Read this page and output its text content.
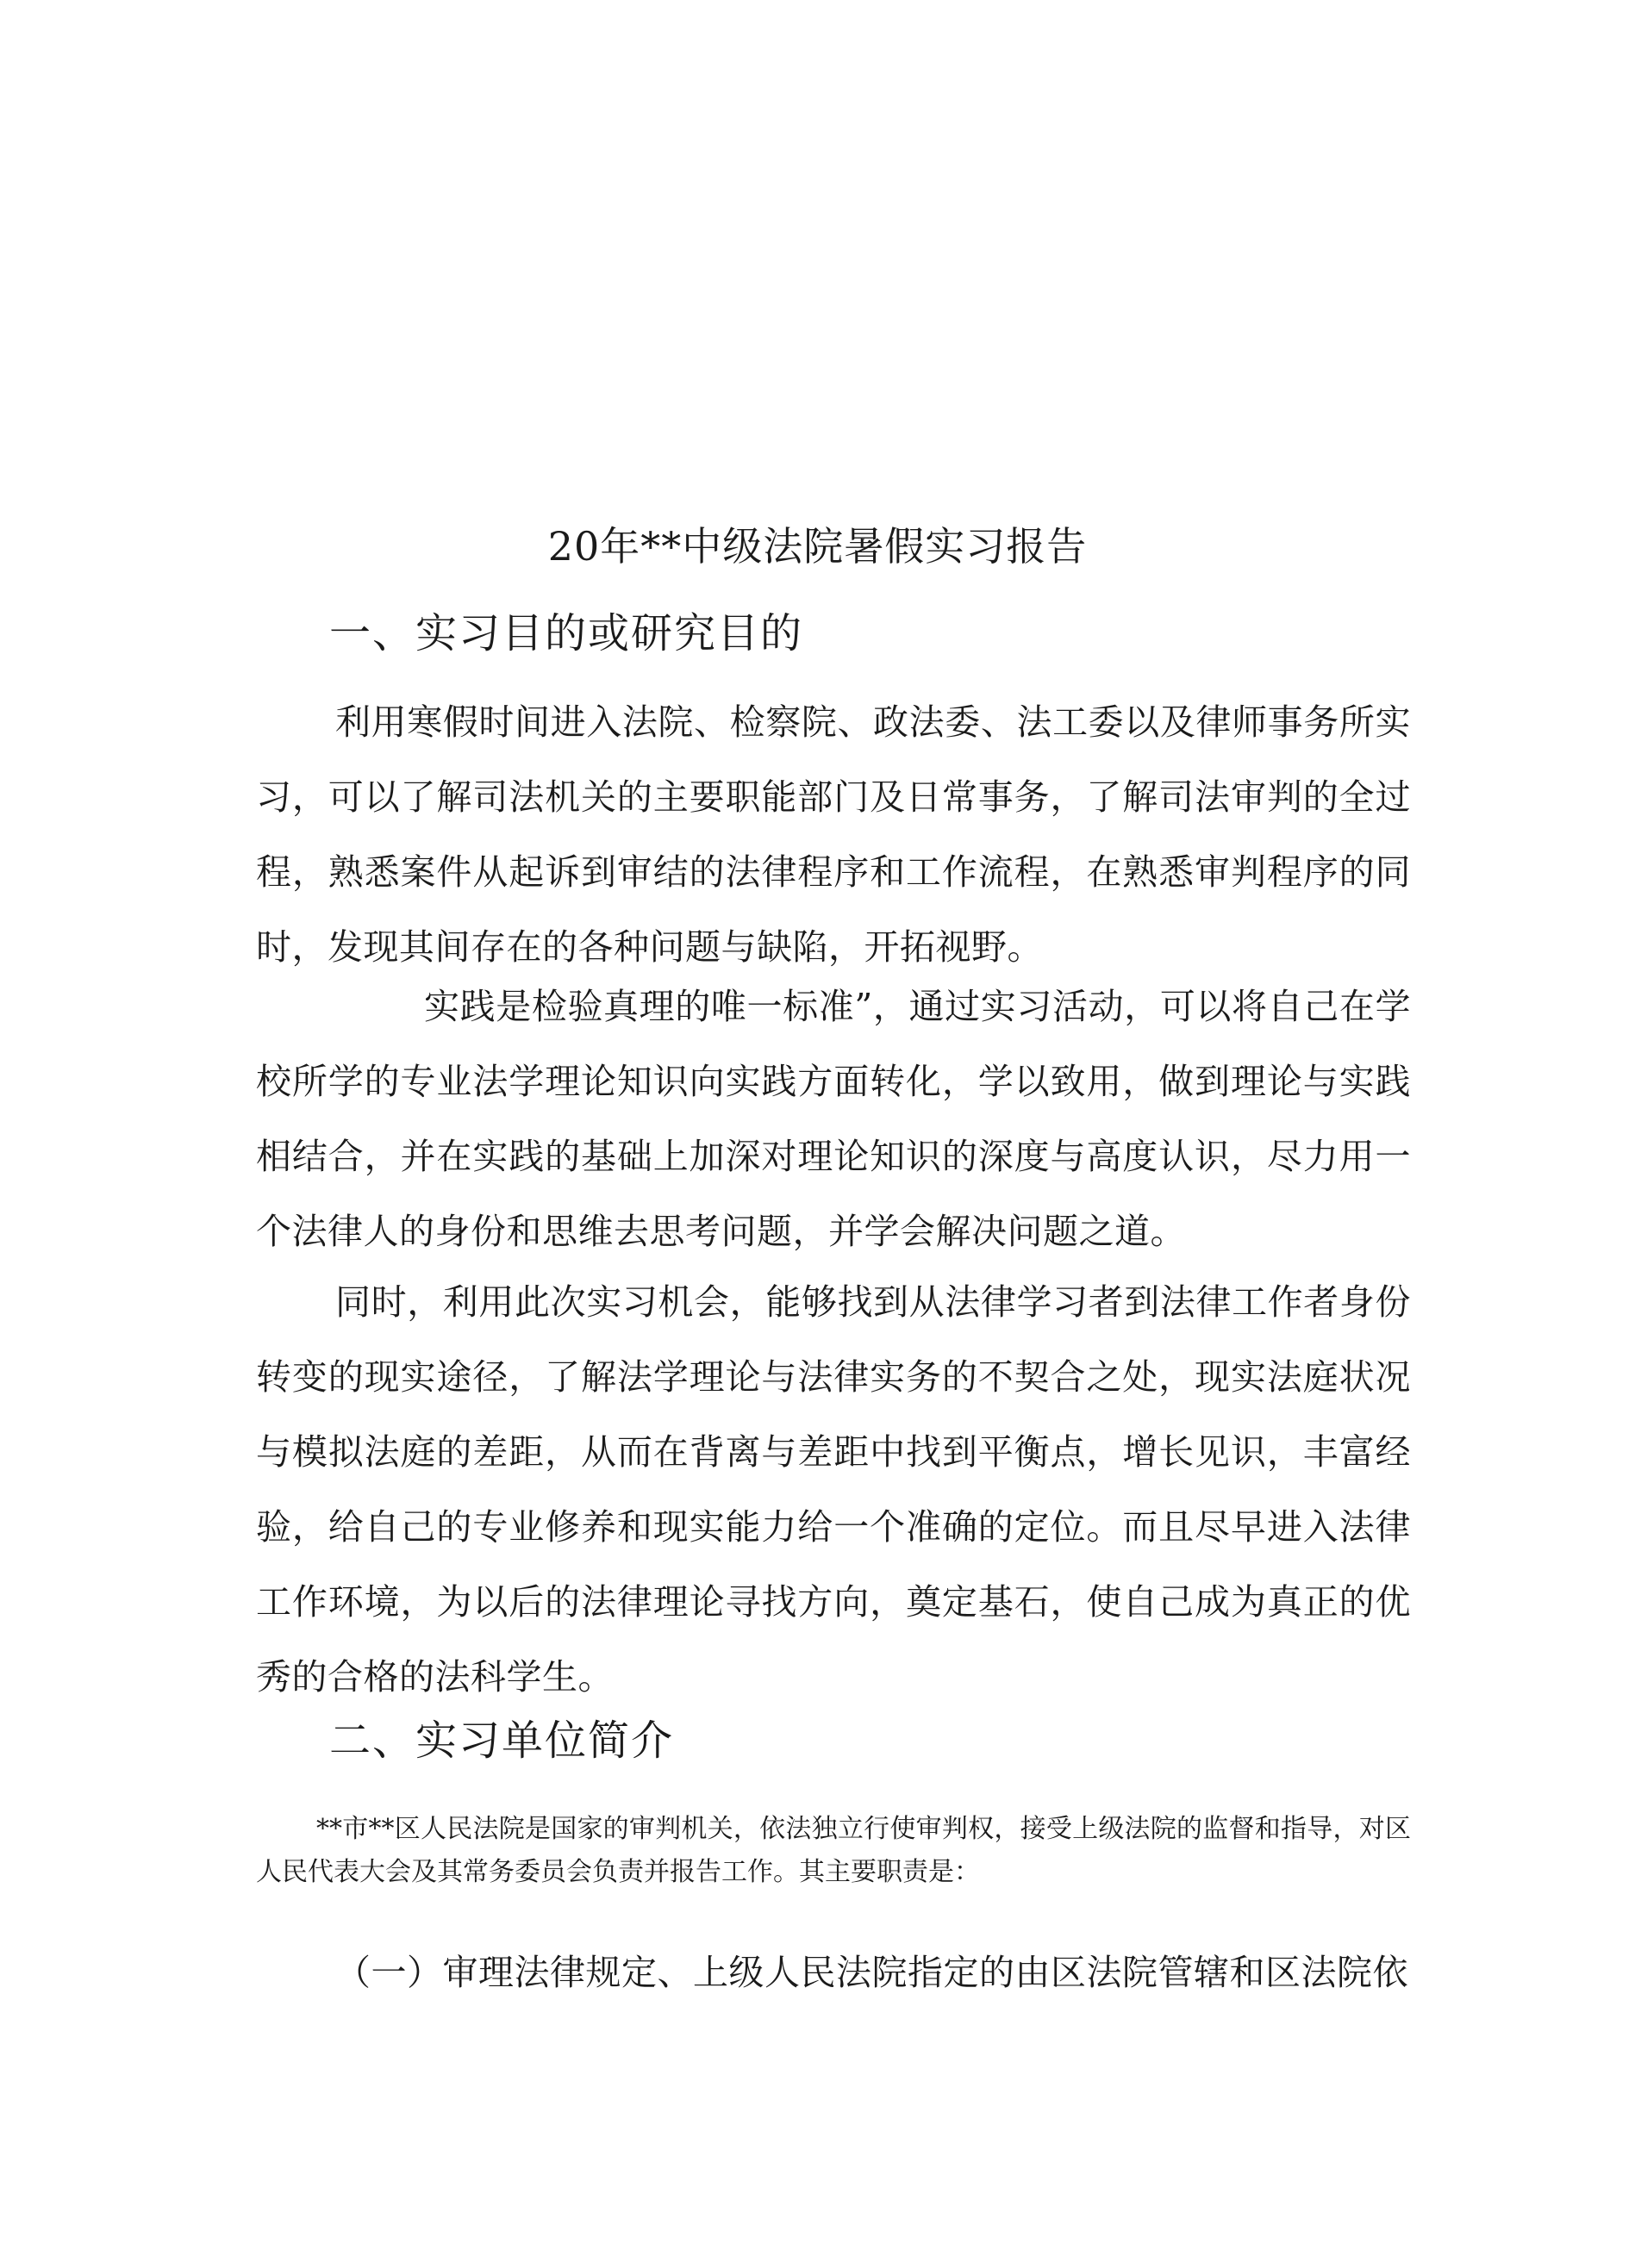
20年**中级法院暑假实习报告
一、实习目的或研究目的
利用寒假时间进入法院、检察院、政法委、法工委以及律师事务所实习，可以了解司法机关的主要职能部门及日常事务，了解司法审判的全过程，熟悉案件从起诉到审结的法律程序和工作流程，在熟悉审判程序的同时，发现其间存在的各种问题与缺陷，开拓视野。
实践是检验真理的唯一标准”，通过实习活动，可以将自己在学校所学的专业法学理论知识向实践方面转化，学以致用，做到理论与实践相结合，并在实践的基础上加深对理论知识的深度与高度认识，尽力用一个法律人的身份和思维去思考问题，并学会解决问题之道。
同时，利用此次实习机会，能够找到从法律学习者到法律工作者身份转变的现实途径，了解法学理论与法律实务的不契合之处，现实法庭状况与模拟法庭的差距，从而在背离与差距中找到平衡点，增长见识，丰富经验，给自己的专业修养和现实能力给一个准确的定位。而且尽早进入法律工作环境，为以后的法律理论寻找方向，奠定基石，使自己成为真正的优秀的合格的法科学生。
二、实习单位简介
**市**区人民法院是国家的审判机关，依法独立行使审判权，接受上级法院的监督和指导，对区人民代表大会及其常务委员会负责并报告工作。其主要职责是：
（一）审理法律规定、上级人民法院指定的由区法院管辖和区法院依
